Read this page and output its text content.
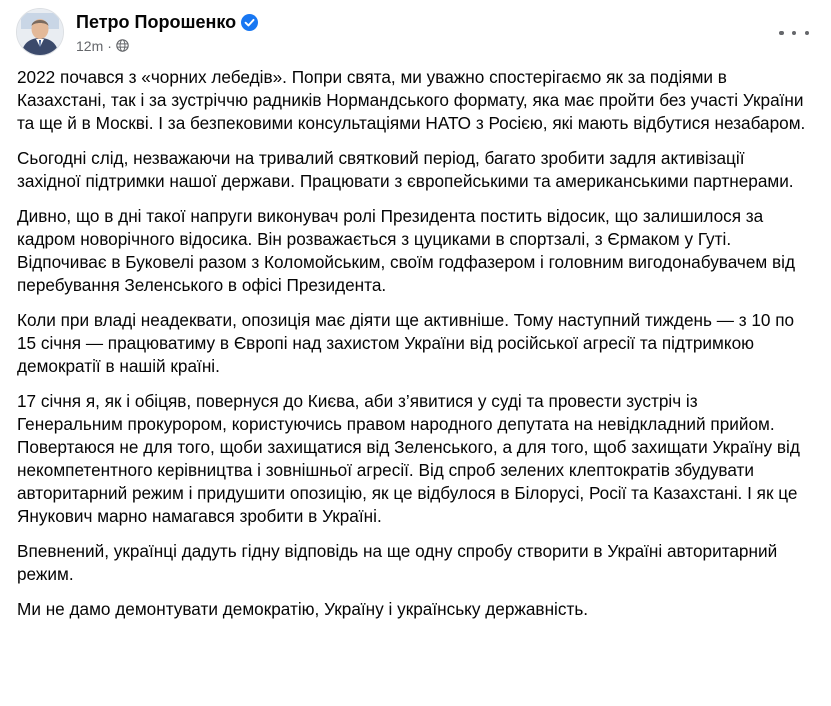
Петро Порошенко
12m ·

2022 почався з «чорних лебедів». Попри свята, ми уважно спостерігаємо як за подіями в Казахстані, так і за зустріччю радників Нормандського формату, яка має пройти без участі України та ще й в Москві. І за безпековими консультаціями НАТО з Росією, які мають відбутися незабаром.

Сьогодні слід, незважаючи на тривалий святковий період, багато зробити задля активізації західної підтримки нашої держави. Працювати з європейськими та американськими партнерами.

Дивно, що в дні такої напруги виконувач ролі Президента постить відосик, що залишилося за кадром новорічного відосика. Він розважається з цуциками в спортзалі, з Єрмаком у Гуті. Відпочиває в Буковелі разом з Коломойським, своїм годфазером і головним вигодонабувачем від перебування Зеленського в офісі Президента.

Коли при владі неадеквати, опозиція має діяти ще активніше. Тому наступний тиждень — з 10 по 15 січня — працюватиму в Європі над захистом України від російської агресії та підтримкою демократії в нашій країні.

17 січня я, як і обіцяв, повернуся до Києва, аби з’явитися у суді та провести зустріч із Генеральним прокурором, користуючись правом народного депутата на невідкладний прийом. Повертаюся не для того, щоби захищатися від Зеленського, а для того, щоб захищати Україну від некомпетентного керівництва і зовнішньої агресії. Від спроб зелених клептократів збудувати авторитарний режим і придушити опозицію, як це відбулося в Білорусі, Росії та Казахстані. І як це Янукович марно намагався зробити в Україні.

Впевнений, українці дадуть гідну відповідь на ще одну спробу створити в Україні авторитарний режим.

Ми не дамо демонтувати демократію, Україну і українську державність.
